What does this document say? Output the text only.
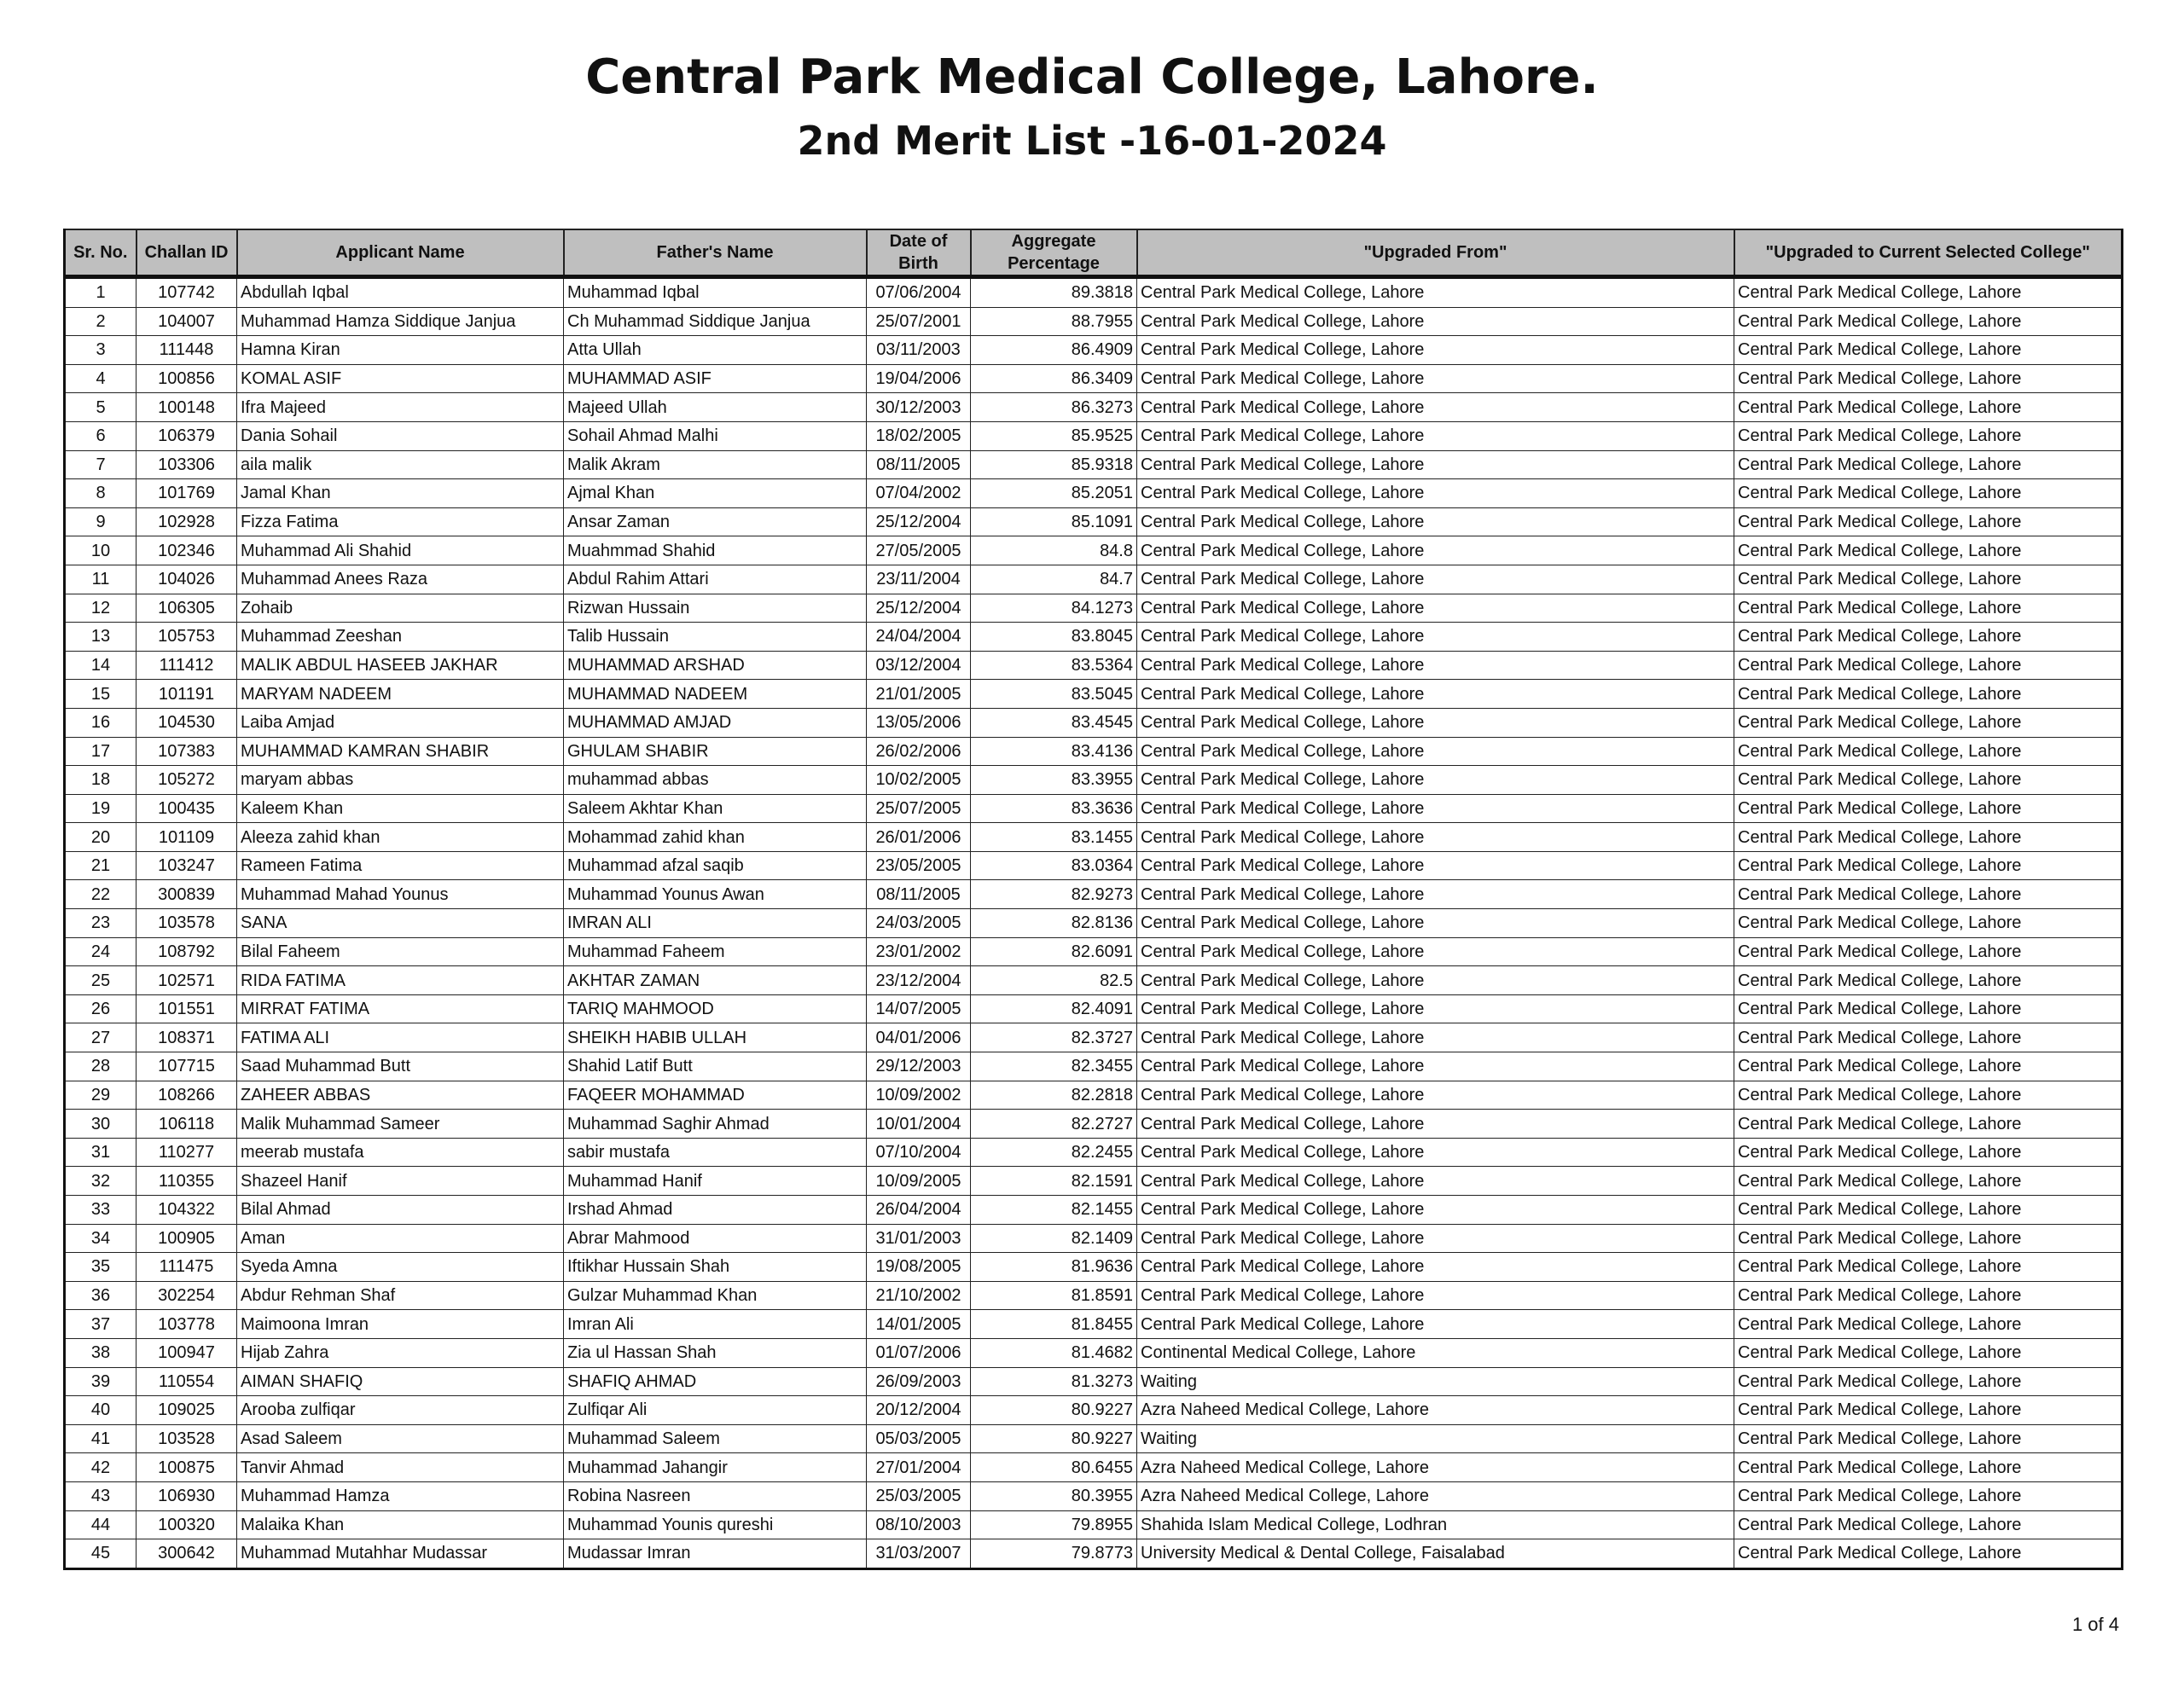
Central Park Medical College, Lahore.
2nd Merit List -16-01-2024
Sr. No.	Challan ID	Applicant Name	Father's Name	Date of Birth	Aggregate Percentage	"Upgraded From"	"Upgraded to Current Selected College"
1	107742	Abdullah Iqbal	Muhammad Iqbal	07/06/2004	89.3818	Central Park Medical College, Lahore	Central Park Medical College, Lahore
2	104007	Muhammad Hamza Siddique Janjua	Ch Muhammad Siddique Janjua	25/07/2001	88.7955	Central Park Medical College, Lahore	Central Park Medical College, Lahore
3	111448	Hamna Kiran	Atta Ullah	03/11/2003	86.4909	Central Park Medical College, Lahore	Central Park Medical College, Lahore
4	100856	KOMAL ASIF	MUHAMMAD ASIF	19/04/2006	86.3409	Central Park Medical College, Lahore	Central Park Medical College, Lahore
5	100148	Ifra Majeed	Majeed Ullah	30/12/2003	86.3273	Central Park Medical College, Lahore	Central Park Medical College, Lahore
6	106379	Dania Sohail	Sohail Ahmad Malhi	18/02/2005	85.9525	Central Park Medical College, Lahore	Central Park Medical College, Lahore
7	103306	aila malik	Malik Akram	08/11/2005	85.9318	Central Park Medical College, Lahore	Central Park Medical College, Lahore
8	101769	Jamal Khan	Ajmal Khan	07/04/2002	85.2051	Central Park Medical College, Lahore	Central Park Medical College, Lahore
9	102928	Fizza Fatima	Ansar Zaman	25/12/2004	85.1091	Central Park Medical College, Lahore	Central Park Medical College, Lahore
10	102346	Muhammad Ali Shahid	Muahmmad Shahid	27/05/2005	84.8	Central Park Medical College, Lahore	Central Park Medical College, Lahore
11	104026	Muhammad Anees Raza	Abdul Rahim Attari	23/11/2004	84.7	Central Park Medical College, Lahore	Central Park Medical College, Lahore
12	106305	Zohaib	Rizwan Hussain	25/12/2004	84.1273	Central Park Medical College, Lahore	Central Park Medical College, Lahore
13	105753	Muhammad Zeeshan	Talib Hussain	24/04/2004	83.8045	Central Park Medical College, Lahore	Central Park Medical College, Lahore
14	111412	MALIK ABDUL HASEEB JAKHAR	MUHAMMAD ARSHAD	03/12/2004	83.5364	Central Park Medical College, Lahore	Central Park Medical College, Lahore
15	101191	MARYAM NADEEM	MUHAMMAD NADEEM	21/01/2005	83.5045	Central Park Medical College, Lahore	Central Park Medical College, Lahore
16	104530	Laiba Amjad	MUHAMMAD AMJAD	13/05/2006	83.4545	Central Park Medical College, Lahore	Central Park Medical College, Lahore
17	107383	MUHAMMAD KAMRAN SHABIR	GHULAM SHABIR	26/02/2006	83.4136	Central Park Medical College, Lahore	Central Park Medical College, Lahore
18	105272	maryam abbas	muhammad abbas	10/02/2005	83.3955	Central Park Medical College, Lahore	Central Park Medical College, Lahore
19	100435	Kaleem Khan	Saleem Akhtar Khan	25/07/2005	83.3636	Central Park Medical College, Lahore	Central Park Medical College, Lahore
20	101109	Aleeza zahid khan	Mohammad zahid khan	26/01/2006	83.1455	Central Park Medical College, Lahore	Central Park Medical College, Lahore
21	103247	Rameen Fatima	Muhammad afzal saqib	23/05/2005	83.0364	Central Park Medical College, Lahore	Central Park Medical College, Lahore
22	300839	Muhammad Mahad Younus	Muhammad Younus Awan	08/11/2005	82.9273	Central Park Medical College, Lahore	Central Park Medical College, Lahore
23	103578	SANA	IMRAN ALI	24/03/2005	82.8136	Central Park Medical College, Lahore	Central Park Medical College, Lahore
24	108792	Bilal Faheem	Muhammad Faheem	23/01/2002	82.6091	Central Park Medical College, Lahore	Central Park Medical College, Lahore
25	102571	RIDA FATIMA	AKHTAR ZAMAN	23/12/2004	82.5	Central Park Medical College, Lahore	Central Park Medical College, Lahore
26	101551	MIRRAT FATIMA	TARIQ MAHMOOD	14/07/2005	82.4091	Central Park Medical College, Lahore	Central Park Medical College, Lahore
27	108371	FATIMA ALI	SHEIKH HABIB ULLAH	04/01/2006	82.3727	Central Park Medical College, Lahore	Central Park Medical College, Lahore
28	107715	Saad Muhammad Butt	Shahid Latif Butt	29/12/2003	82.3455	Central Park Medical College, Lahore	Central Park Medical College, Lahore
29	108266	ZAHEER ABBAS	FAQEER MOHAMMAD	10/09/2002	82.2818	Central Park Medical College, Lahore	Central Park Medical College, Lahore
30	106118	Malik Muhammad Sameer	Muhammad Saghir Ahmad	10/01/2004	82.2727	Central Park Medical College, Lahore	Central Park Medical College, Lahore
31	110277	meerab mustafa	sabir mustafa	07/10/2004	82.2455	Central Park Medical College, Lahore	Central Park Medical College, Lahore
32	110355	Shazeel Hanif	Muhammad Hanif	10/09/2005	82.1591	Central Park Medical College, Lahore	Central Park Medical College, Lahore
33	104322	Bilal Ahmad	Irshad Ahmad	26/04/2004	82.1455	Central Park Medical College, Lahore	Central Park Medical College, Lahore
34	100905	Aman	Abrar Mahmood	31/01/2003	82.1409	Central Park Medical College, Lahore	Central Park Medical College, Lahore
35	111475	Syeda Amna	Iftikhar Hussain Shah	19/08/2005	81.9636	Central Park Medical College, Lahore	Central Park Medical College, Lahore
36	302254	Abdur Rehman Shaf	Gulzar Muhammad Khan	21/10/2002	81.8591	Central Park Medical College, Lahore	Central Park Medical College, Lahore
37	103778	Maimoona Imran	Imran Ali	14/01/2005	81.8455	Central Park Medical College, Lahore	Central Park Medical College, Lahore
38	100947	Hijab Zahra	Zia ul Hassan Shah	01/07/2006	81.4682	Continental Medical College, Lahore	Central Park Medical College, Lahore
39	110554	AIMAN SHAFIQ	SHAFIQ AHMAD	26/09/2003	81.3273	Waiting	Central Park Medical College, Lahore
40	109025	Arooba zulfiqar	Zulfiqar Ali	20/12/2004	80.9227	Azra Naheed Medical College, Lahore	Central Park Medical College, Lahore
41	103528	Asad Saleem	Muhammad Saleem	05/03/2005	80.9227	Waiting	Central Park Medical College, Lahore
42	100875	Tanvir Ahmad	Muhammad Jahangir	27/01/2004	80.6455	Azra Naheed Medical College, Lahore	Central Park Medical College, Lahore
43	106930	Muhammad Hamza	Robina Nasreen	25/03/2005	80.3955	Azra Naheed Medical College, Lahore	Central Park Medical College, Lahore
44	100320	Malaika Khan	Muhammad Younis qureshi	08/10/2003	79.8955	Shahida Islam Medical College, Lodhran	Central Park Medical College, Lahore
45	300642	Muhammad Mutahhar Mudassar	Mudassar Imran	31/03/2007	79.8773	University Medical & Dental College, Faisalabad	Central Park Medical College, Lahore
1 of 4
